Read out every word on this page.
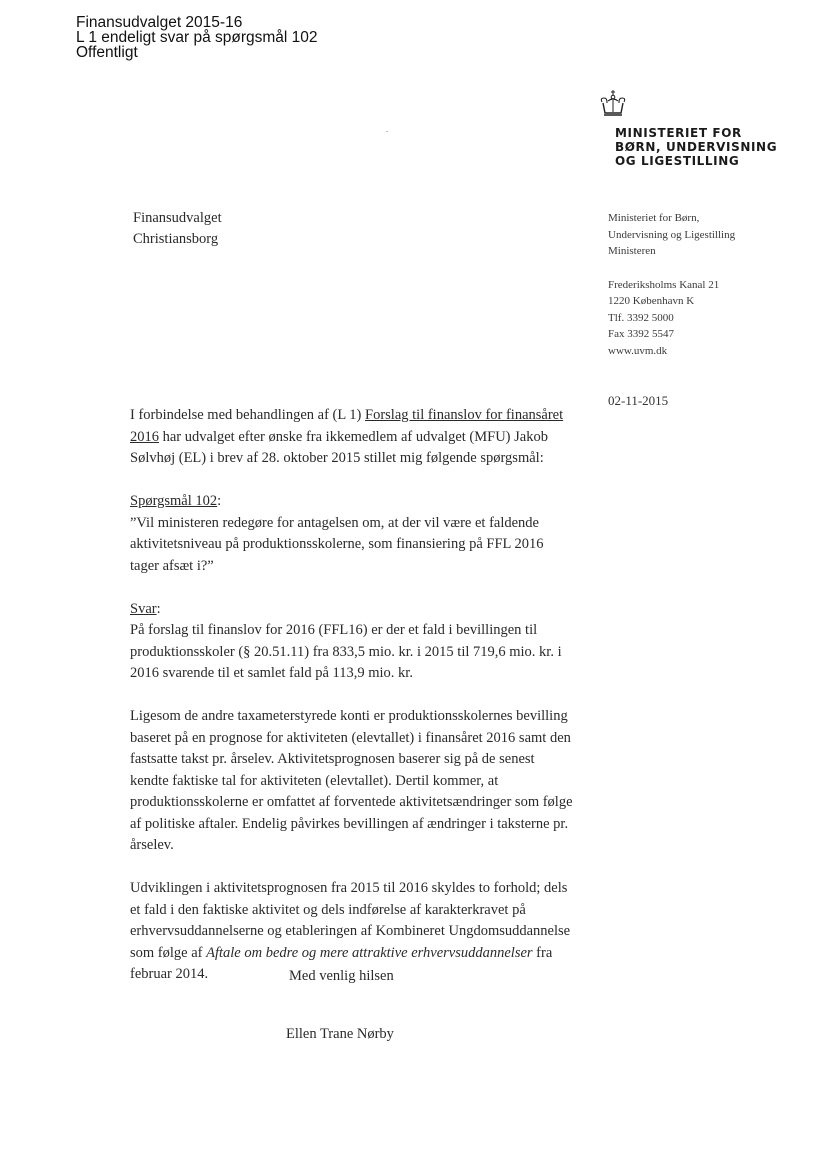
Finansudvalget 2015-16
L 1 endeligt svar på spørgsmål 102
Offentligt
MINISTERIET FOR
BØRN, UNDERVISNING
OG LIGESTILLING
Finansudvalget
Christiansborg
Ministeriet for Børn,
Undervisning og Ligestilling
Ministeren
Frederiksholms Kanal 21
1220 København K
Tlf. 3392 5000
Fax 3392 5547
www.uvm.dk
02-11-2015

I forbindelse med behandlingen af (L 1) Forslag til finanslov for finansåret 2016 har udvalget efter ønske fra ikkemedlem af udvalget (MFU) Jakob Sølvhøj (EL) i brev af 28. oktober 2015 stillet mig følgende spørgsmål:

Spørgsmål 102:
”Vil ministeren redegøre for antagelsen om, at der vil være et faldende aktivitetsniveau på produktionsskolerne, som finansiering på FFL 2016 tager afsæt i?”

Svar:
På forslag til finanslov for 2016 (FFL16) er der et fald i bevillingen til produktionsskoler (§ 20.51.11) fra 833,5 mio. kr. i 2015 til 719,6 mio. kr. i 2016 svarende til et samlet fald på 113,9 mio. kr.

Ligesom de andre taxameterstyrede konti er produktionsskolernes bevilling baseret på en prognose for aktiviteten (elevtallet) i finansåret 2016 samt den fastsatte takst pr. årselev. Aktivitetsprognosen baserer sig på de senest kendte faktiske tal for aktiviteten (elevtallet). Dertil kommer, at produktionsskolerne er omfattet af forventede aktivitetsændringer som følge af politiske aftaler. Endelig påvirkes bevillingen af ændringer i taksterne pr. årselev.

Udviklingen i aktivitetsprognosen fra 2015 til 2016 skyldes to forhold; dels et fald i den faktiske aktivitet og dels indførelse af karakterkravet på erhvervsuddannelserne og etableringen af Kombineret Ungdomsuddannelse som følge af Aftale om bedre og mere attraktive erhvervsuddannelser fra februar 2014.	Med venlig hilsen
Ellen Trane Nørby
